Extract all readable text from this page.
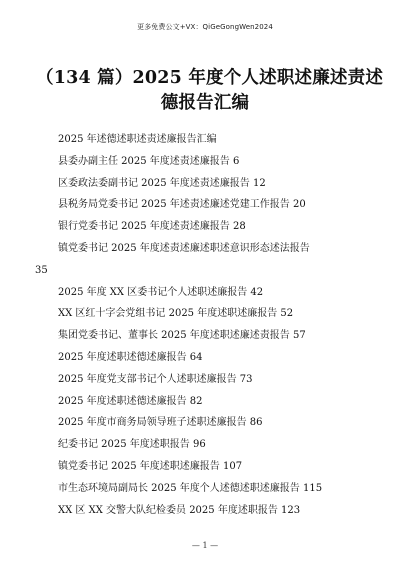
更多免费公文+VX：QiGeGongWen2024
（134 篇）2025 年度个人述职述廉述责述
德报告汇编
2025 年述德述职述责述廉报告汇编
县委办副主任 2025 年度述责述廉报告 6
区委政法委副书记 2025 年度述责述廉报告 12
县税务局党委书记 2025 年述责述廉述党建工作报告 20
银行党委书记 2025 年度述责述廉报告 28
镇党委书记 2025 年度述责述廉述职述意识形态述法报告
35
2025 年度 XX 区委书记个人述职述廉报告 42
XX 区红十字会党组书记 2025 年度述职述廉报告 52
集团党委书记、董事长 2025 年度述职述廉述责报告 57
2025 年度述职述德述廉报告 64
2025 年度党支部书记个人述职述廉报告 73
2025 年度述职述德述廉报告 82
2025 年度市商务局领导班子述职述廉报告 86
纪委书记 2025 年度述职报告 96
镇党委书记 2025 年度述职述廉报告 107
市生态环境局副局长 2025 年度个人述德述职述廉报告 115
XX 区 XX 交警大队纪检委员 2025 年度述职报告 123
— 1 —
